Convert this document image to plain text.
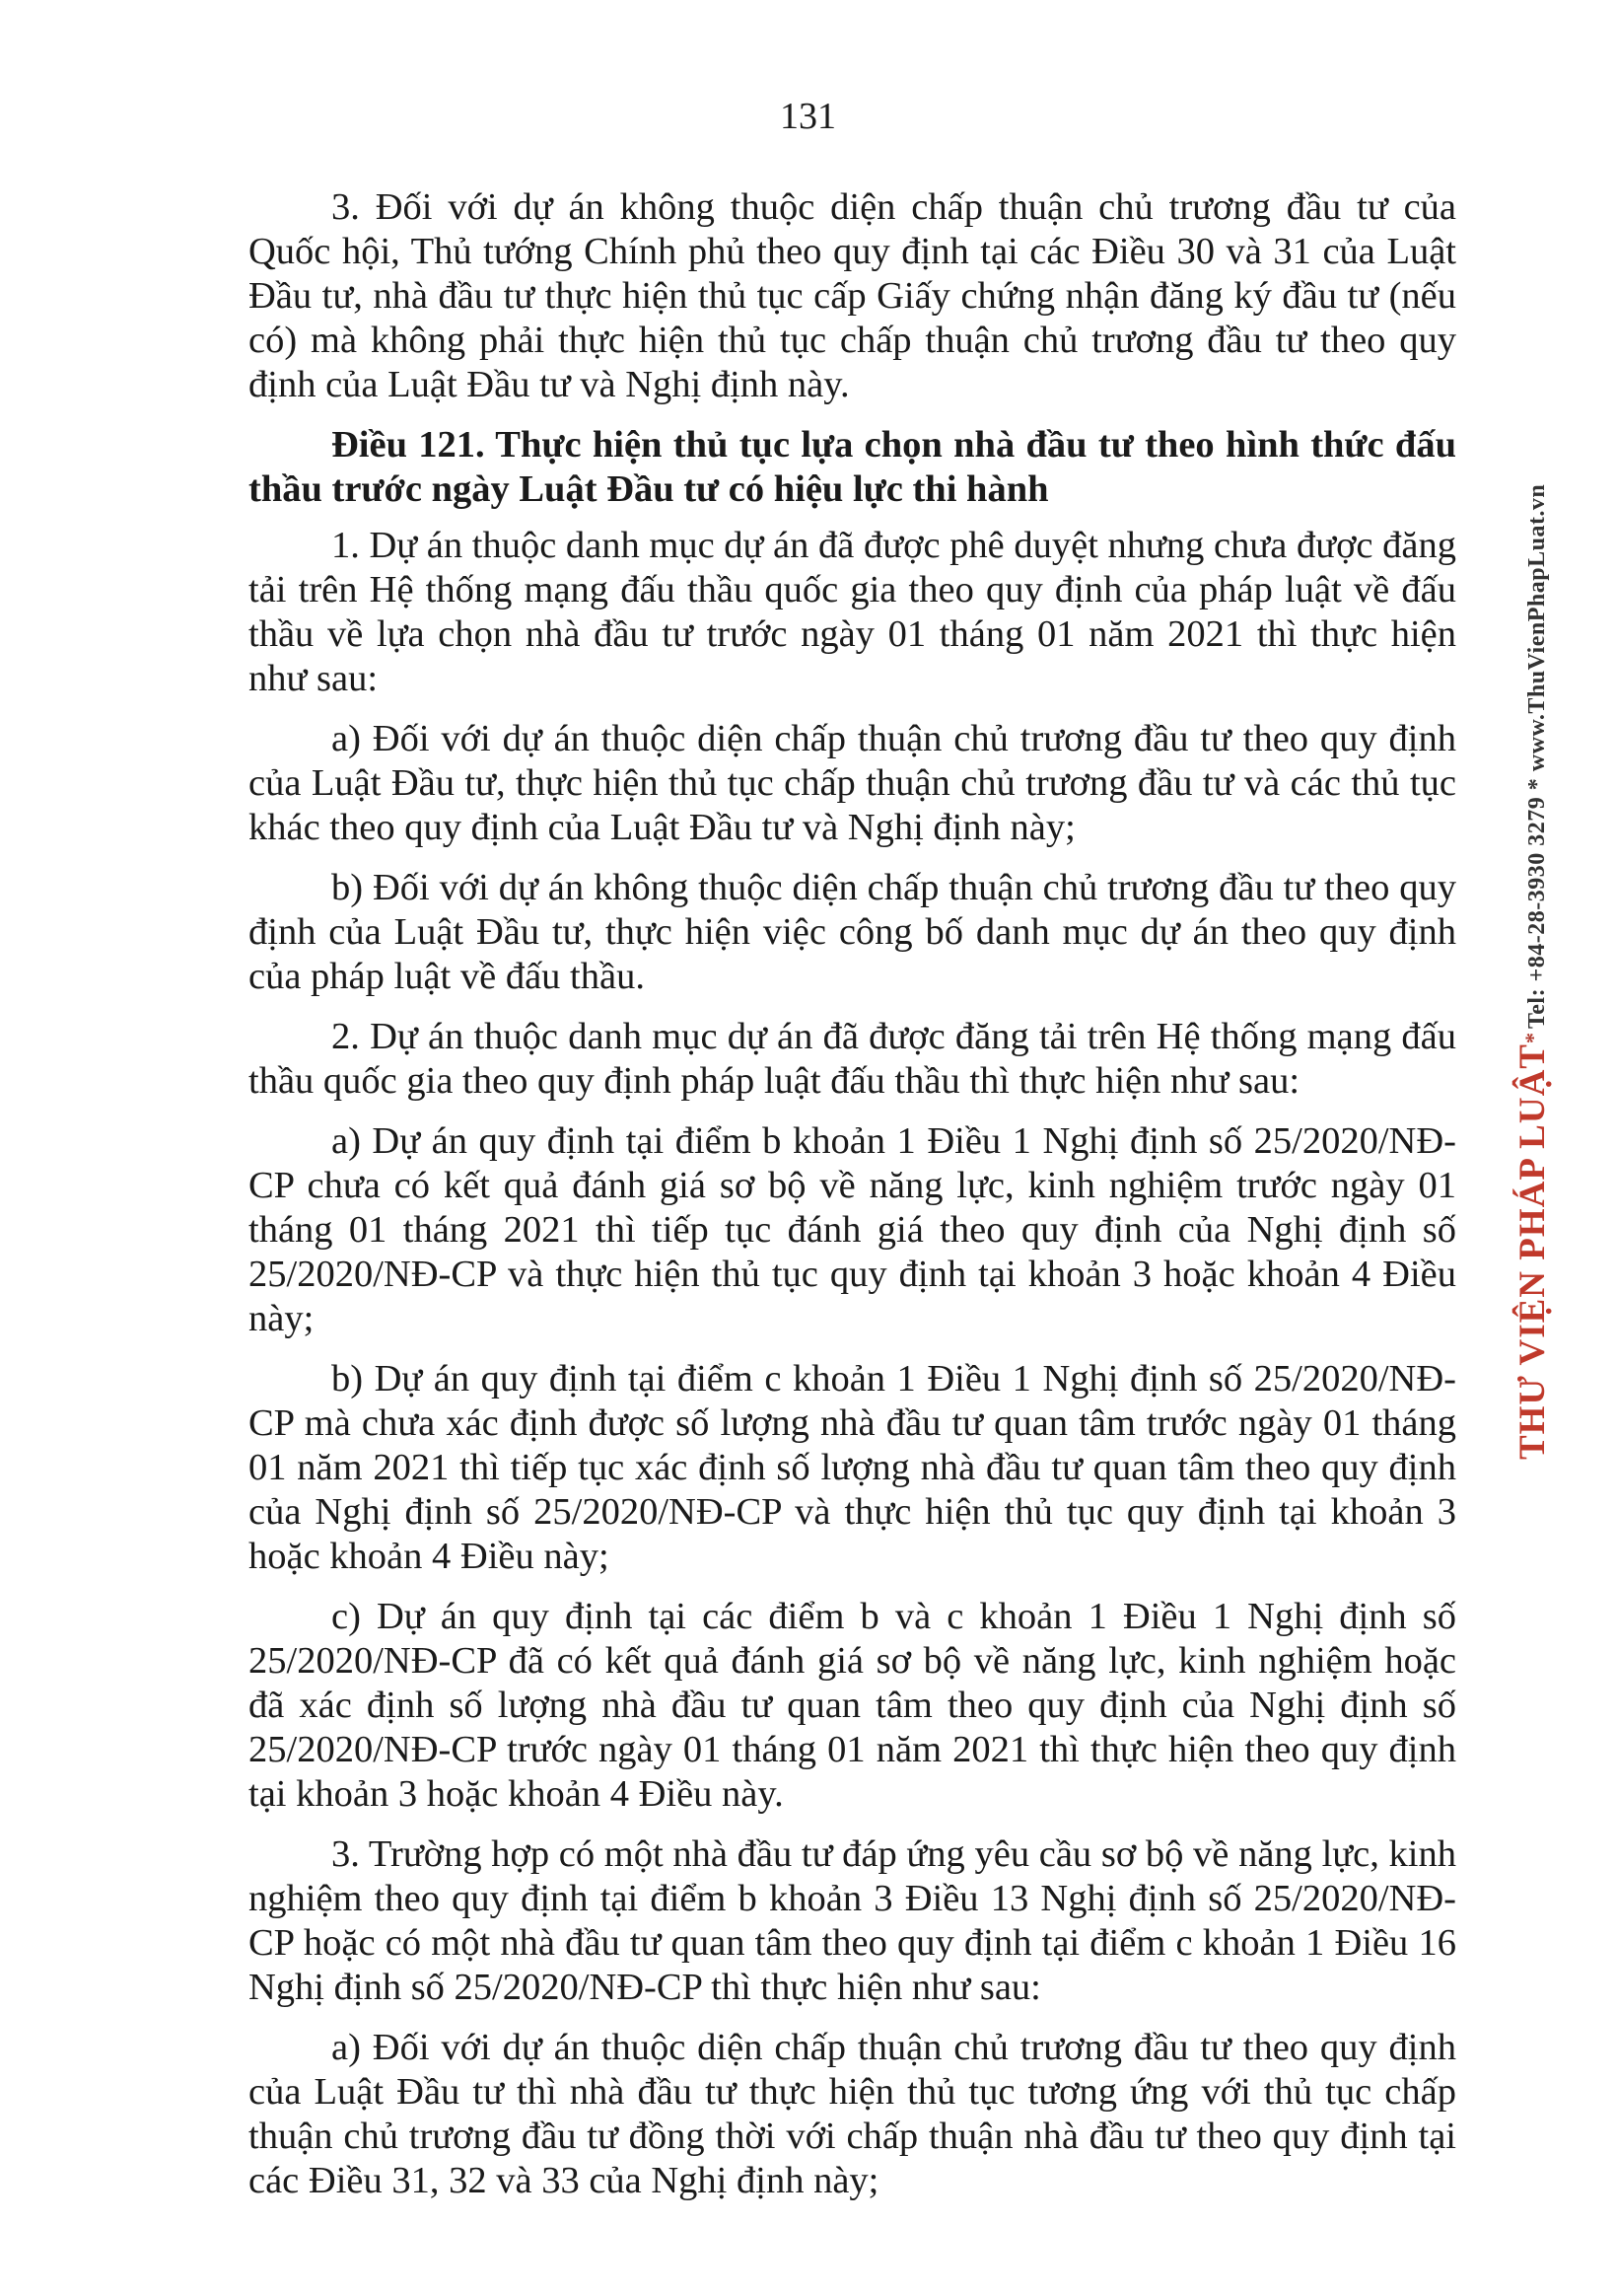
131

3. Đối với dự án không thuộc diện chấp thuận chủ trương đầu tư của Quốc hội, Thủ tướng Chính phủ theo quy định tại các Điều 30 và 31 của Luật Đầu tư, nhà đầu tư thực hiện thủ tục cấp Giấy chứng nhận đăng ký đầu tư (nếu có) mà không phải thực hiện thủ tục chấp thuận chủ trương đầu tư theo quy định của Luật Đầu tư và Nghị định này.

Điều 121. Thực hiện thủ tục lựa chọn nhà đầu tư theo hình thức đấu thầu trước ngày Luật Đầu tư có hiệu lực thi hành

1. Dự án thuộc danh mục dự án đã được phê duyệt nhưng chưa được đăng tải trên Hệ thống mạng đấu thầu quốc gia theo quy định của pháp luật về đấu thầu về lựa chọn nhà đầu tư trước ngày 01 tháng 01 năm 2021 thì thực hiện như sau:

a) Đối với dự án thuộc diện chấp thuận chủ trương đầu tư theo quy định của Luật Đầu tư, thực hiện thủ tục chấp thuận chủ trương đầu tư và các thủ tục khác theo quy định của Luật Đầu tư và Nghị định này;

b) Đối với dự án không thuộc diện chấp thuận chủ trương đầu tư theo quy định của Luật Đầu tư, thực hiện việc công bố danh mục dự án theo quy định của pháp luật về đấu thầu.

2. Dự án thuộc danh mục dự án đã được đăng tải trên Hệ thống mạng đấu thầu quốc gia theo quy định pháp luật đấu thầu thì thực hiện như sau:

a) Dự án quy định tại điểm b khoản 1 Điều 1 Nghị định số 25/2020/NĐ-CP chưa có kết quả đánh giá sơ bộ về năng lực, kinh nghiệm trước ngày 01 tháng 01 tháng 2021 thì tiếp tục đánh giá theo quy định của Nghị định số 25/2020/NĐ-CP và thực hiện thủ tục quy định tại khoản 3 hoặc khoản 4 Điều này;

b) Dự án quy định tại điểm c khoản 1 Điều 1 Nghị định số 25/2020/NĐ-CP mà chưa xác định được số lượng nhà đầu tư quan tâm trước ngày 01 tháng 01 năm 2021 thì tiếp tục xác định số lượng nhà đầu tư quan tâm theo quy định của Nghị định số 25/2020/NĐ-CP và thực hiện thủ tục quy định tại khoản 3 hoặc khoản 4 Điều này;

c) Dự án quy định tại các điểm b và c khoản 1 Điều 1 Nghị định số 25/2020/NĐ-CP đã có kết quả đánh giá sơ bộ về năng lực, kinh nghiệm hoặc đã xác định số lượng nhà đầu tư quan tâm theo quy định của Nghị định số 25/2020/NĐ-CP trước ngày 01 tháng 01 năm 2021 thì thực hiện theo quy định tại khoản 3 hoặc khoản 4 Điều này.

3. Trường hợp có một nhà đầu tư đáp ứng yêu cầu sơ bộ về năng lực, kinh nghiệm theo quy định tại điểm b khoản 3 Điều 13 Nghị định số 25/2020/NĐ-CP hoặc có một nhà đầu tư quan tâm theo quy định tại điểm c khoản 1 Điều 16 Nghị định số 25/2020/NĐ-CP thì thực hiện như sau:

a) Đối với dự án thuộc diện chấp thuận chủ trương đầu tư theo quy định của Luật Đầu tư thì nhà đầu tư thực hiện thủ tục tương ứng với thủ tục chấp thuận chủ trương đầu tư đồng thời với chấp thuận nhà đầu tư theo quy định tại các Điều 31, 32 và 33 của Nghị định này;

THƯ VIỆN PHÁP LUẬT* Tel: +84-28-3930 3279 * www.ThuVienPhapLuat.vn
